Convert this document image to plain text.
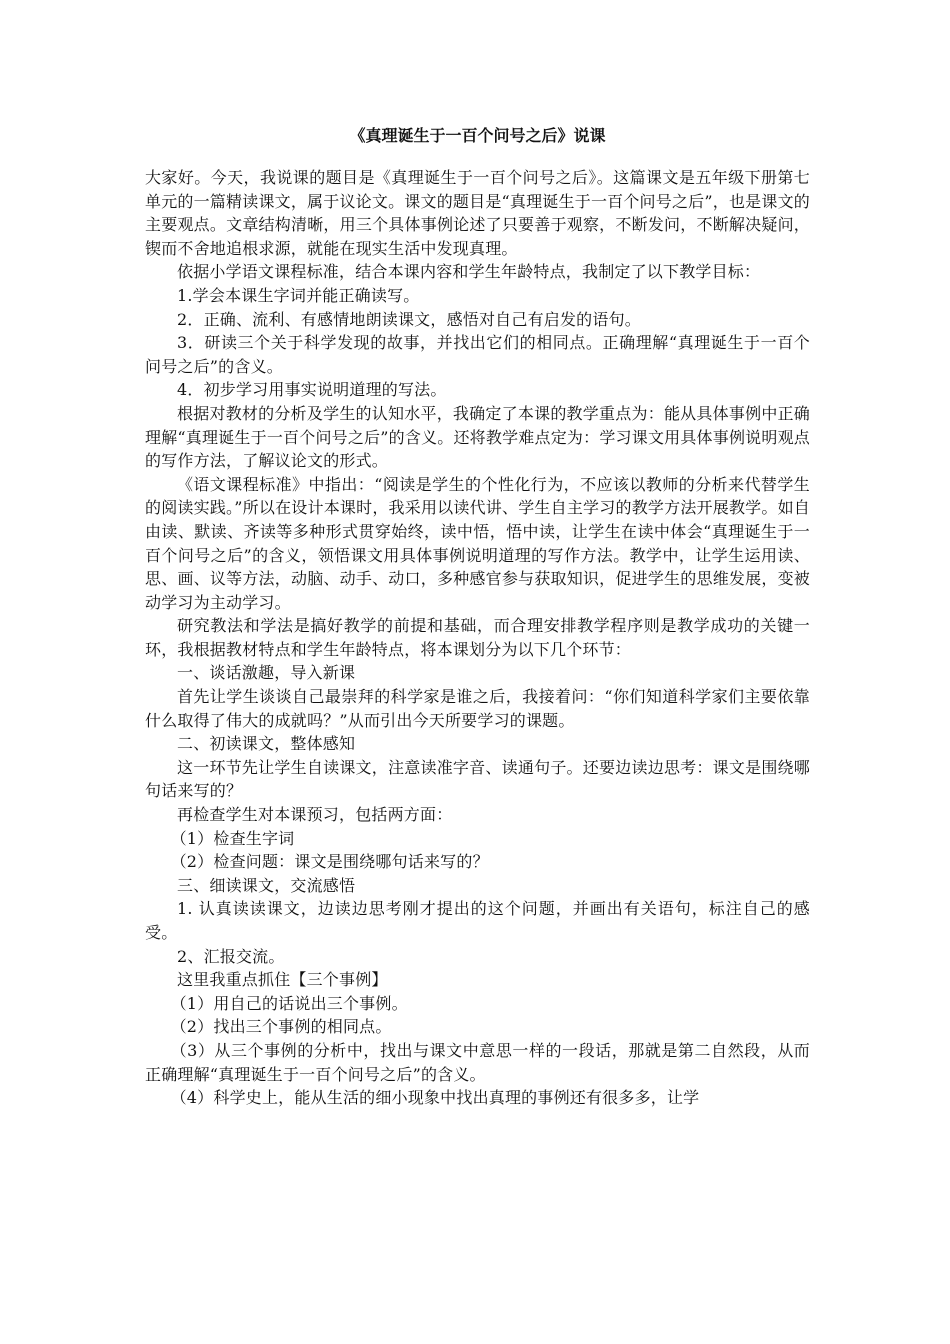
《真理诞生于一百个问号之后》说课

大家好。今天，我说课的题目是《真理诞生于一百个问号之后》。这篇课文是五年级下册第七单元的一篇精读课文，属于议论文。课文的题目是“真理诞生于一百个问号之后”，也是课文的主要观点。文章结构清晰，用三个具体事例论述了只要善于观察，不断发问，不断解决疑问，锲而不舍地追根求源，就能在现实生活中发现真理。

依据小学语文课程标准，结合本课内容和学生年龄特点，我制定了以下教学目标：

1.学会本课生字词并能正确读写。

2．正确、流利、有感情地朗读课文，感悟对自己有启发的语句。

3．研读三个关于科学发现的故事，并找出它们的相同点。正确理解“真理诞生于一百个问号之后”的含义。

4．初步学习用事实说明道理的写法。

根据对教材的分析及学生的认知水平，我确定了本课的教学重点为：能从具体事例中正确理解“真理诞生于一百个问号之后”的含义。还将教学难点定为：学习课文用具体事例说明观点的写作方法，了解议论文的形式。

《语文课程标准》中指出：“阅读是学生的个性化行为，不应该以教师的分析来代替学生的阅读实践。”所以在设计本课时，我采用以读代讲、学生自主学习的教学方法开展教学。如自由读、默读、齐读等多种形式贯穿始终，读中悟，悟中读，让学生在读中体会“真理诞生于一百个问号之后”的含义，领悟课文用具体事例说明道理的写作方法。教学中，让学生运用读、思、画、议等方法，动脑、动手、动口，多种感官参与获取知识，促进学生的思维发展，变被动学习为主动学习。

研究教法和学法是搞好教学的前提和基础，而合理安排教学程序则是教学成功的关键一环，我根据教材特点和学生年龄特点，将本课划分为以下几个环节：

一、谈话激趣，导入新课

首先让学生谈谈自己最崇拜的科学家是谁之后，我接着问：“你们知道科学家们主要依靠什么取得了伟大的成就吗？”从而引出今天所要学习的课题。

二、初读课文，整体感知

这一环节先让学生自读课文，注意读准字音、读通句子。还要边读边思考：课文是围绕哪句话来写的？

再检查学生对本课预习，包括两方面：

（1）检查生字词

（2）检查问题：课文是围绕哪句话来写的？

三、细读课文，交流感悟

1. 认真读读课文，边读边思考刚才提出的这个问题，并画出有关语句，标注自己的感受。

2、汇报交流。

这里我重点抓住【三个事例】

（1）用自己的话说出三个事例。

（2）找出三个事例的相同点。

（3）从三个事例的分析中，找出与课文中意思一样的一段话，那就是第二自然段，从而正确理解“真理诞生于一百个问号之后”的含义。

（4）科学史上，能从生活的细小现象中找出真理的事例还有很多多，让学
